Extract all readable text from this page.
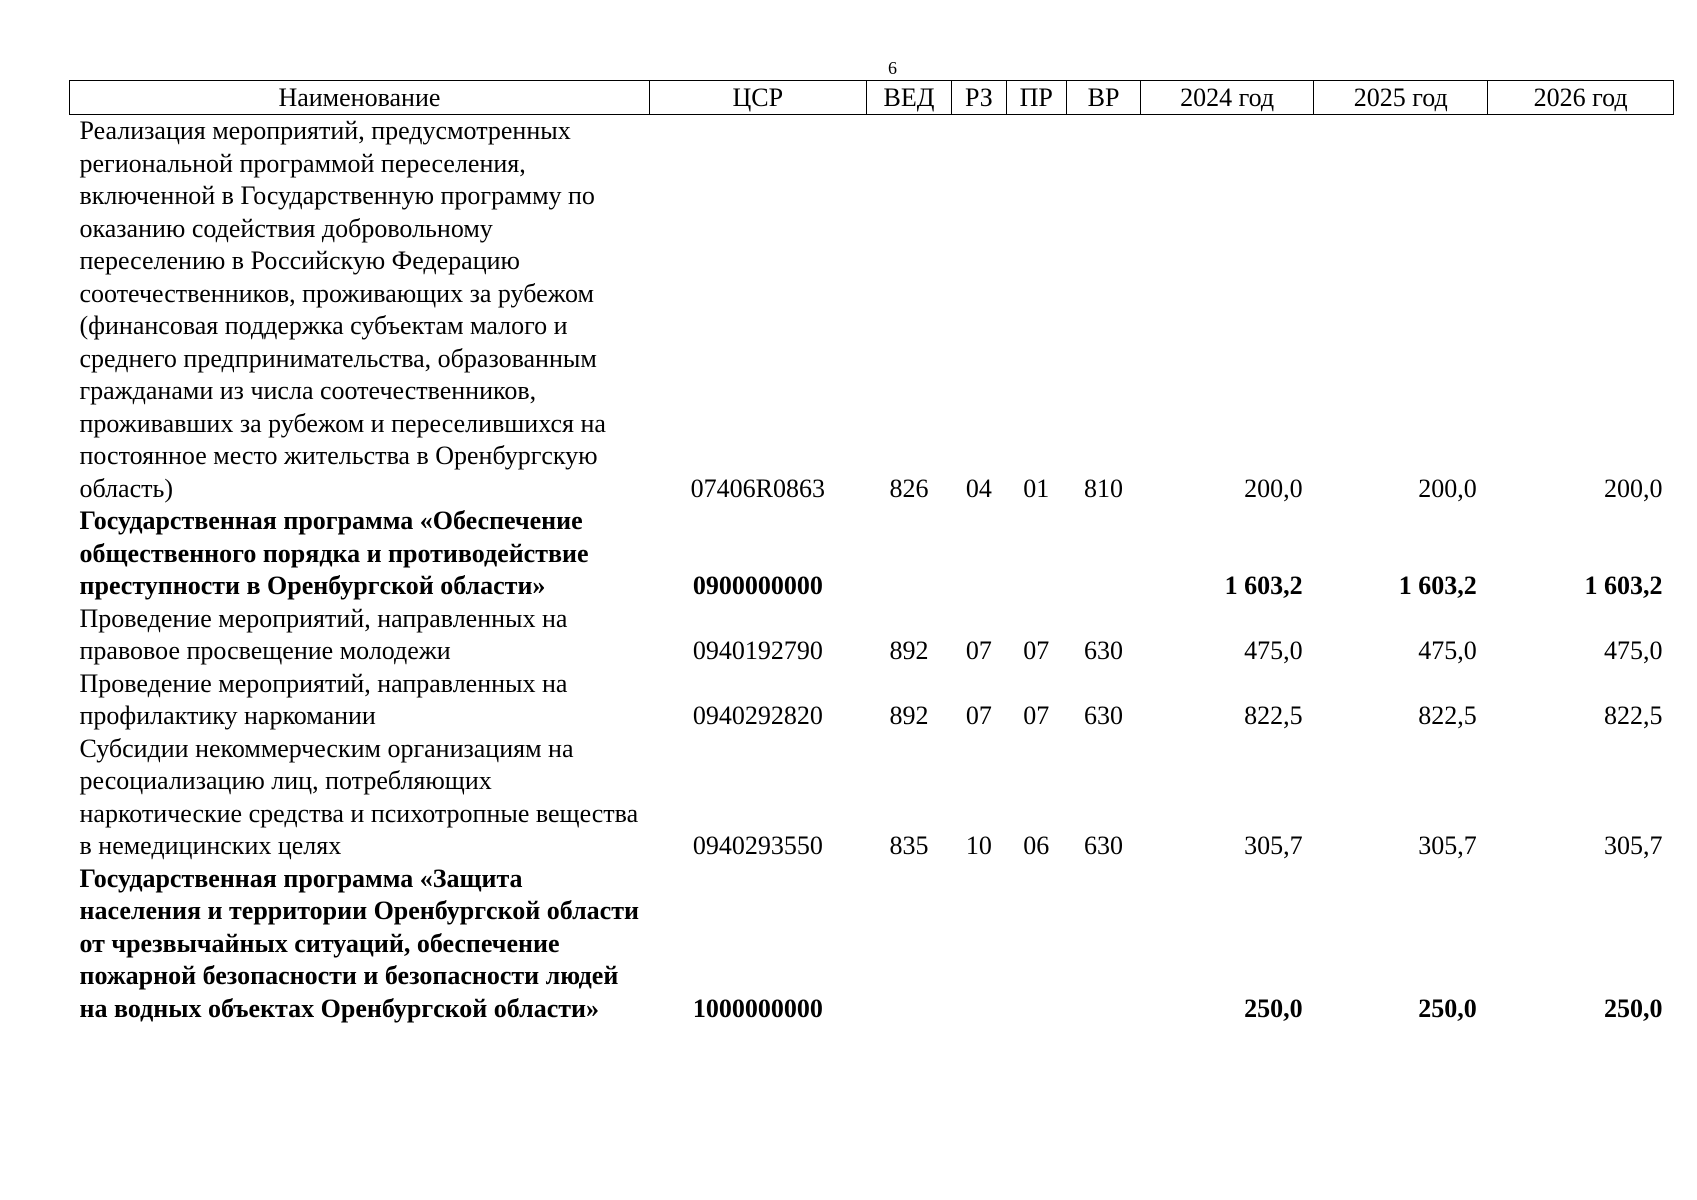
6
Наименование	ЦСР	ВЕД	РЗ	ПР	ВР	2024 год	2025 год	2026 год
Реализация мероприятий, предусмотренных региональной программой переселения, включенной в Государственную программу по оказанию содействия добровольному переселению в Российскую Федерацию соотечественников, проживающих за рубежом (финансовая поддержка субъектам малого и среднего предпринимательства, образованным гражданами из числа соотечественников, проживавших за рубежом и переселившихся на постоянное место жительства в Оренбургскую область)	07406R0863	826	04	01	810	200,0	200,0	200,0
Государственная программа «Обеспечение общественного порядка и противодействие преступности в Оренбургской области»	0900000000					1 603,2	1 603,2	1 603,2
Проведение мероприятий, направленных на правовое просвещение молодежи	0940192790	892	07	07	630	475,0	475,0	475,0
Проведение мероприятий, направленных на профилактику наркомании	0940292820	892	07	07	630	822,5	822,5	822,5
Субсидии некоммерческим организациям на ресоциализацию лиц, потребляющих наркотические средства и психотропные вещества в немедицинских целях	0940293550	835	10	06	630	305,7	305,7	305,7
Государственная программа «Защита населения и территории Оренбургской области от чрезвычайных ситуаций, обеспечение пожарной безопасности и безопасности людей на водных объектах Оренбургской области»	1000000000					250,0	250,0	250,0
